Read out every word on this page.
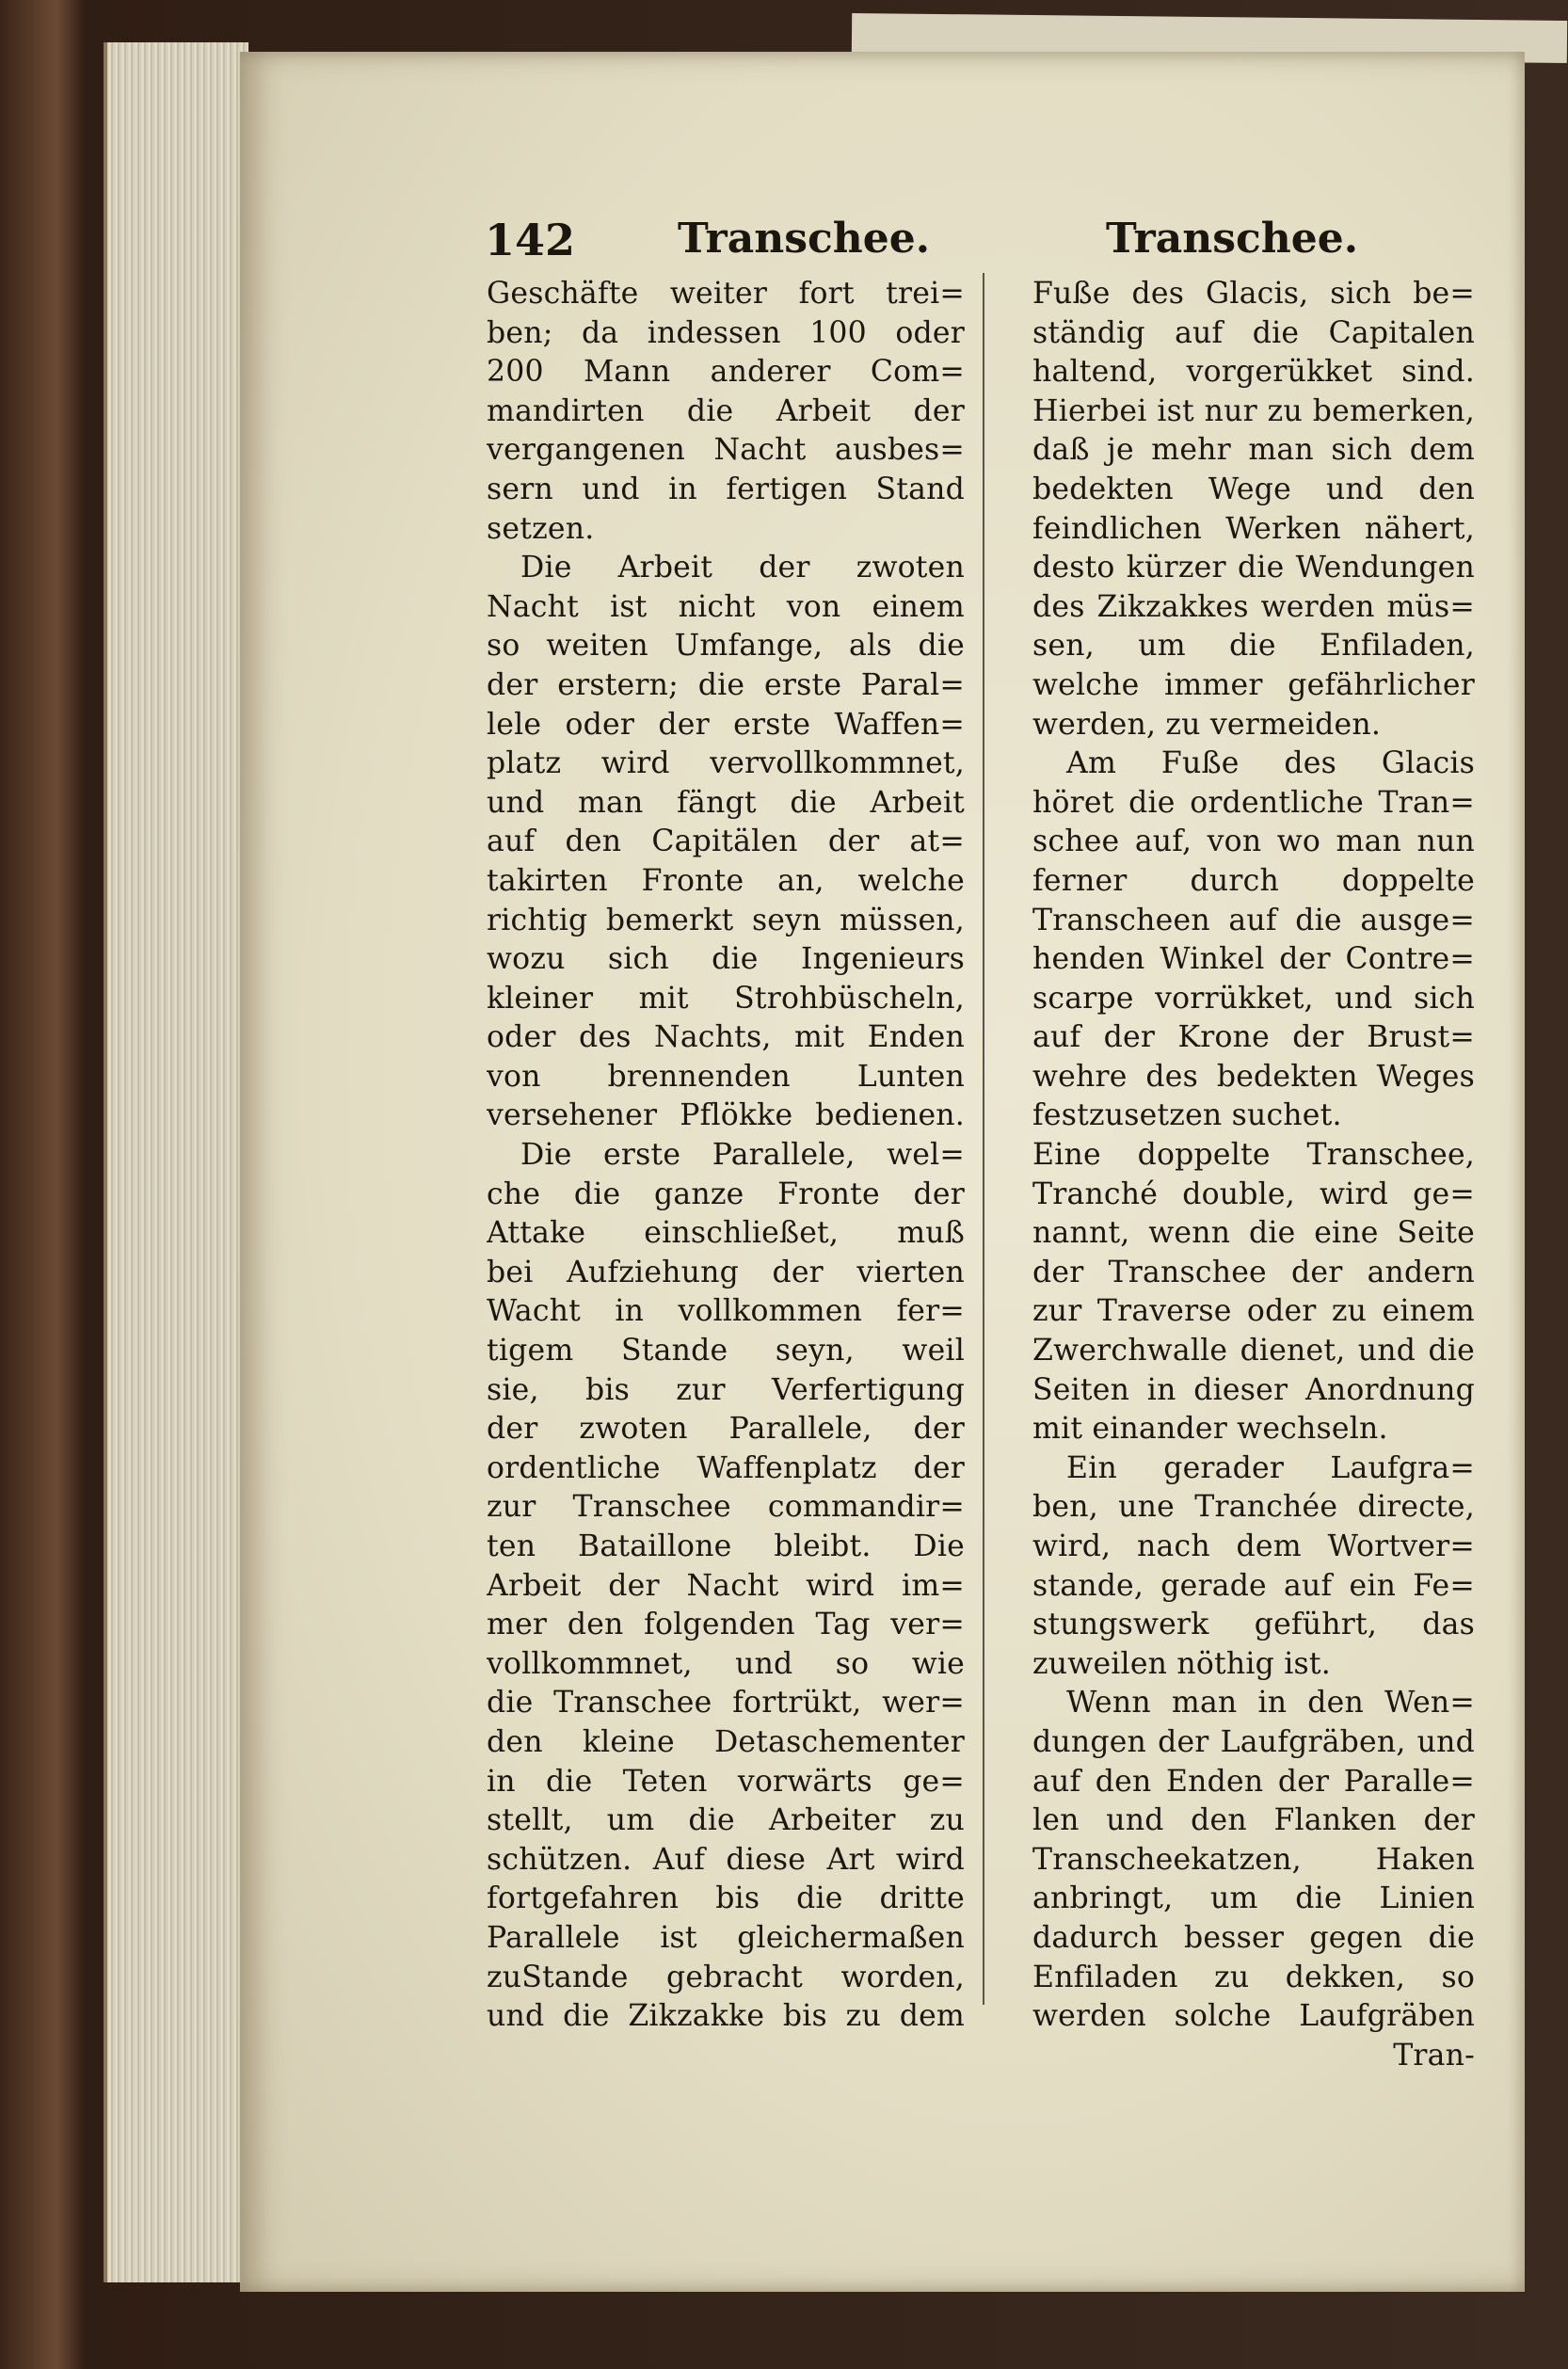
142 Transchee.	Transchee.
Geschäfte weiter fort trei=
ben; da indessen 100 oder
200 Mann anderer Com=
mandirten die Arbeit der
vergangenen Nacht ausbes=
sern und in fertigen Stand
setzen.
Die Arbeit der zwoten
Nacht ist nicht von einem
so weiten Umfange, als die
der erstern; die erste Paral=
lele oder der erste Waffen=
platz wird vervollkommnet,
und man fängt die Arbeit
auf den Capitälen der at=
takirten Fronte an, welche
richtig bemerkt seyn müssen,
wozu sich die Ingenieurs
kleiner mit Strohbüscheln,
oder des Nachts, mit Enden
von brennenden Lunten
versehener Pflökke bedienen.
Die erste Parallele, wel=
che die ganze Fronte der
Attake einschließet, muß
bei Aufziehung der vierten
Wacht in vollkommen fer=
tigem Stande seyn, weil
sie, bis zur Verfertigung
der zwoten Parallele, der
ordentliche Waffenplatz der
zur Transchee commandir=
ten Bataillone bleibt. Die
Arbeit der Nacht wird im=
mer den folgenden Tag ver=
vollkommnet, und so wie
die Transchee fortrükt, wer=
den kleine Detaschementer
in die Teten vorwärts ge=
stellt, um die Arbeiter zu
schützen. Auf diese Art wird
fortgefahren bis die dritte
Parallele ist gleichermaßen
zuStande gebracht worden,
und die Zikzakke bis zu dem
Fuße des Glacis, sich be=
ständig auf die Capitalen
haltend, vorgerükket sind.
Hierbei ist nur zu bemerken,
daß je mehr man sich dem
bedekten Wege und den
feindlichen Werken nähert,
desto kürzer die Wendungen
des Zikzakkes werden müs=
sen, um die Enfiladen,
welche immer gefährlicher
werden, zu vermeiden.
Am Fuße des Glacis
höret die ordentliche Tran=
schee auf, von wo man nun
ferner durch doppelte
Transcheen auf die ausge=
henden Winkel der Contre=
scarpe vorrükket, und sich
auf der Krone der Brust=
wehre des bedekten Weges
festzusetzen suchet.
Eine doppelte Transchee,
Tranché double, wird ge=
nannt, wenn die eine Seite
der Transchee der andern
zur Traverse oder zu einem
Zwerchwalle dienet, und die
Seiten in dieser Anordnung
mit einander wechseln.
Ein gerader Laufgra=
ben, une Tranchée directe,
wird, nach dem Wortver=
stande, gerade auf ein Fe=
stungswerk geführt, das
zuweilen nöthig ist.
Wenn man in den Wen=
dungen der Laufgräben, und
auf den Enden der Paralle=
len und den Flanken der
Transcheekatzen, Haken
anbringt, um die Linien
dadurch besser gegen die
Enfiladen zu dekken, so
werden solche Laufgräben
Tran-
